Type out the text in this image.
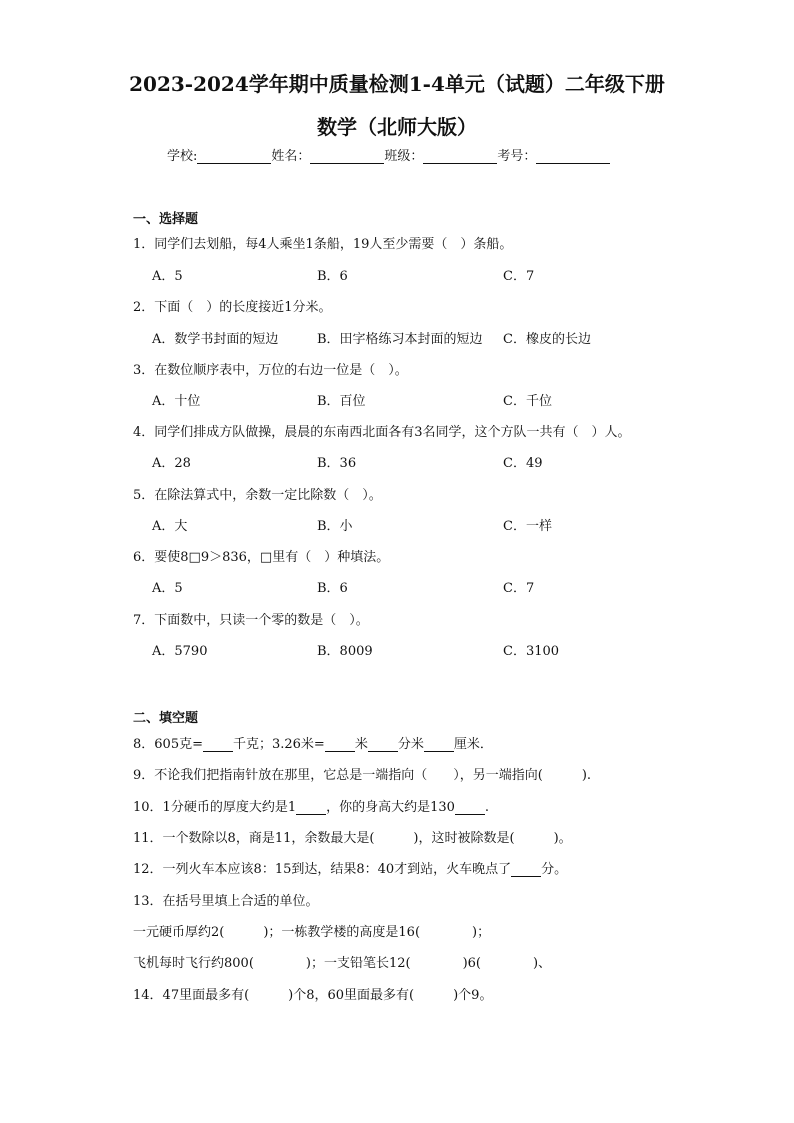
2023-2024学年期中质量检测1-4单元（试题）二年级下册
数学（北师大版）
学校:	姓名：	班级：	考号：
一、选择题
1．同学们去划船，每4人乘坐1条船，19人至少需要（　）条船。
A．5	B．6	C．7
2．下面（　）的长度接近1分米。
A．数学书封面的短边	B．田字格练习本封面的短边 C．橡皮的长边
3．在数位顺序表中，万位的右边一位是（　）。
A．十位	B．百位	C．千位
4．同学们排成方队做操，晨晨的东南西北面各有3名同学，这个方队一共有（　）人。
A．28	B．36	C．49
5．在除法算式中，余数一定比除数（　）。
A．大	B．小	C．一样
6．要使8□9＞836，□里有（　）种填法。
A．5	B．6	C．7
7．下面数中，只读一个零的数是（　）。
A．5790	B．8009	C．3100
二、填空题
8．605克= 千克；3.26米= 米 分米 厘米．
9．不论我们把指南针放在那里，它总是一端指向（　　），另一端指向(　　　).
10．1分硬币的厚度大约是1 ，你的身高大约是130 .
11．一个数除以8，商是11，余数最大是(　　　)，这时被除数是(　　　)。
12．一列火车本应该8：15到达，结果8：40才到站，火车晚点了 分。
13．在括号里填上合适的单位。
一元硬币厚约2(　　　)；一栋教学楼的高度是16(　　　　)；
飞机每时飞行约800(　　　　)；一支铅笔长12(　　　　)6(　　　　)、
14．47里面最多有(　　　)个8，60里面最多有(　　　)个9。
